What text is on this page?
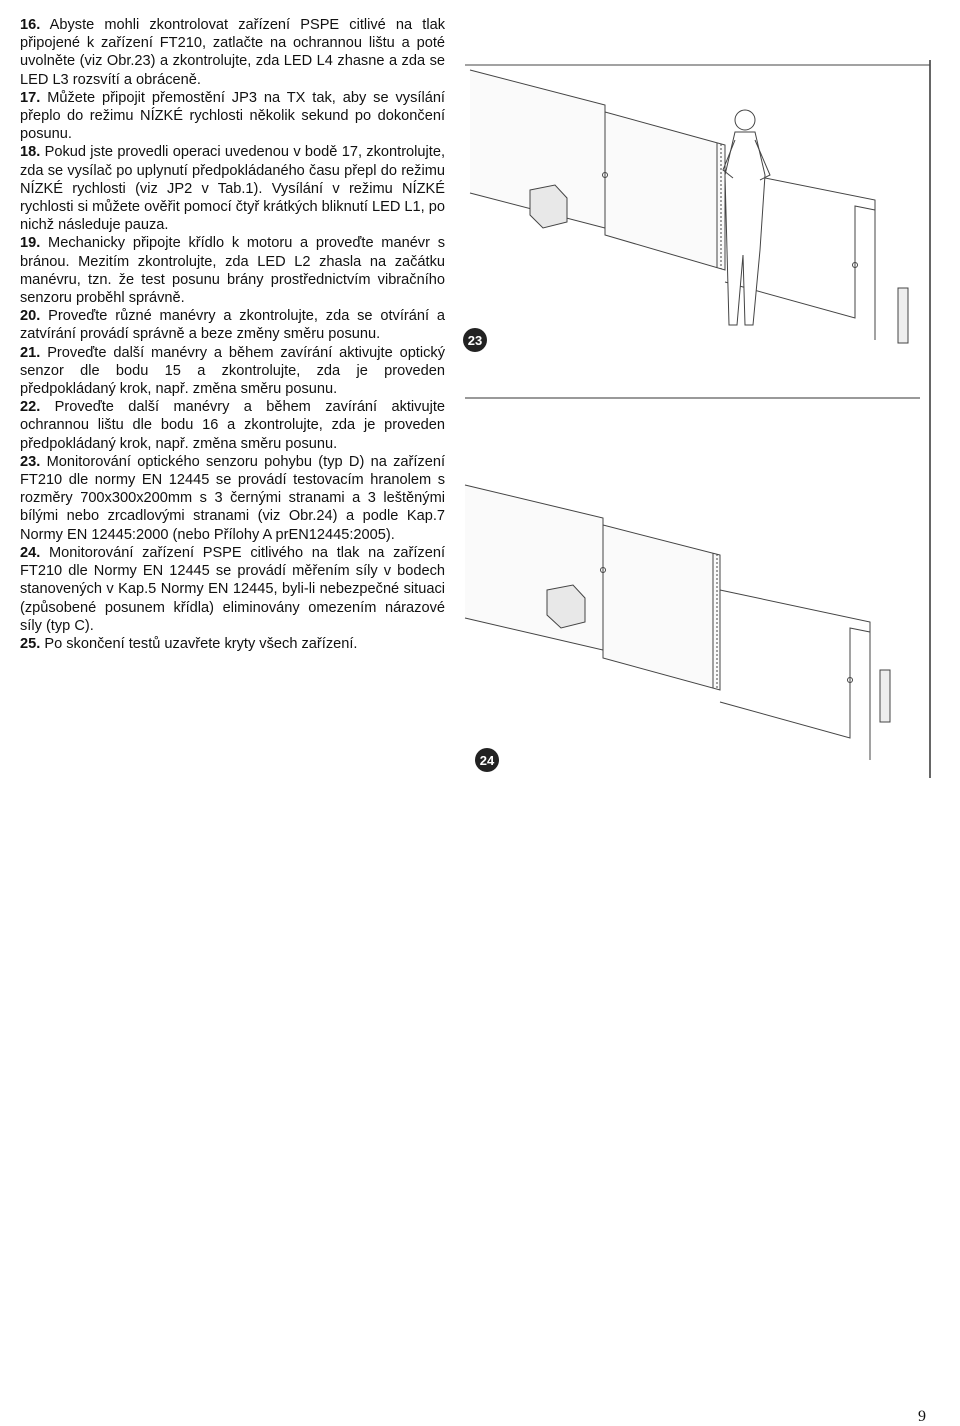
16. Abyste mohli zkontrolovat zařízení PSPE citlivé na tlak připojené k zařízení FT210, zatlačte na ochrannou lištu a poté uvolněte (viz Obr.23) a zkontrolujte, zda LED L4 zhasne a zda se LED L3 rozsvítí a obráceně.

17. Můžete připojit přemostění JP3 na TX tak, aby se vysílání přeplo do režimu NÍZKÉ rychlosti několik sekund po dokončení posunu.

18. Pokud jste provedli operaci uvedenou v bodě 17, zkontrolujte, zda se vysílač po uplynutí předpokládaného času přepl do režimu NÍZKÉ rychlosti (viz JP2 v Tab.1). Vysílání v režimu NÍZKÉ rychlosti si můžete ověřit pomocí čtyř krátkých bliknutí LED L1, po nichž následuje pauza.

19. Mechanicky připojte křídlo k motoru a proveďte manévr s bránou. Mezitím zkontrolujte, zda LED L2 zhasla na začátku manévru, tzn. že test posunu brány prostřednictvím vibračního senzoru proběhl správně.

20. Proveďte různé manévry a zkontrolujte, zda se otvírání a zatvírání provádí správně a beze změny směru posunu.

21. Proveďte další manévry a během zavírání aktivujte optický senzor dle bodu 15 a zkontrolujte, zda je proveden předpokládaný krok, např. změna směru posunu.

22. Proveďte další manévry a během zavírání aktivujte ochrannou lištu dle bodu 16 a zkontrolujte, zda je proveden předpokládaný krok, např. změna směru posunu.

23. Monitorování optického senzoru pohybu (typ D) na zařízení FT210 dle normy EN 12445 se provádí testovacím hranolem s rozměry 700x300x200mm s 3 černými stranami a 3 leštěnými bílými nebo zrcadlovými stranami (viz Obr.24) a podle Kap.7 Normy EN 12445:2000 (nebo Přílohy A prEN12445:2005).

24. Monitorování zařízení PSPE citlivého na tlak na zařízení FT210 dle Normy EN 12445 se provádí měřením síly v bodech stanovených v Kap.5 Normy EN 12445, byli-li nebezpečné situaci (způsobené posunem křídla) eliminovány omezením nárazové síly (typ C).

25. Po skončení testů uzavřete kryty všech zařízení.

23
24
9
